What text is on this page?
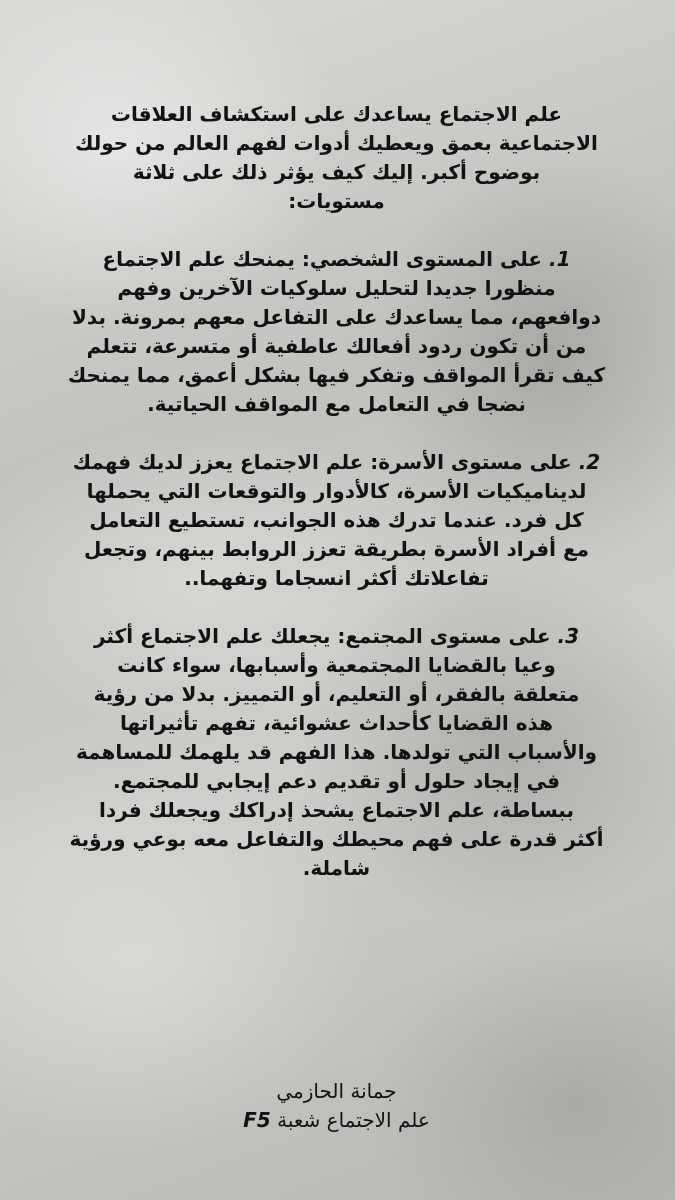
علم الاجتماع يساعدك على استكشاف العلاقات
الاجتماعية بعمق ويعطيك أدوات لفهم العالم من حولك
بوضوح أكبر. إليك كيف يؤثر ذلك على ثلاثة
مستويات:

1. على المستوى الشخصي: يمنحك علم الاجتماع
منظورا جديدا لتحليل سلوكيات الآخرين وفهم
دوافعهم، مما يساعدك على التفاعل معهم بمرونة. بدلا
من أن تكون ردود أفعالك عاطفية أو متسرعة، تتعلم
كيف تقرأ المواقف وتفكر فيها بشكل أعمق، مما يمنحك
نضجا في التعامل مع المواقف الحياتية.

2. على مستوى الأسرة: علم الاجتماع يعزز لديك فهمك
لديناميكيات الأسرة، كالأدوار والتوقعات التي يحملها
كل فرد. عندما تدرك هذه الجوانب، تستطيع التعامل
مع أفراد الأسرة بطريقة تعزز الروابط بينهم، وتجعل
تفاعلاتك أكثر انسجاما وتفهما..

3. على مستوى المجتمع: يجعلك علم الاجتماع أكثر
وعيا بالقضايا المجتمعية وأسبابها، سواء كانت
متعلقة بالفقر، أو التعليم، أو التمييز. بدلا من رؤية
هذه القضايا كأحداث عشوائية، تفهم تأثيراتها
والأسباب التي تولدها. هذا الفهم قد يلهمك للمساهمة
في إيجاد حلول أو تقديم دعم إيجابي للمجتمع.
ببساطة، علم الاجتماع يشحذ إدراكك ويجعلك فردا
أكثر قدرة على فهم محيطك والتفاعل معه بوعي ورؤية
شاملة.

جمانة الحازمي
علم الاجتماع شعبة F5
